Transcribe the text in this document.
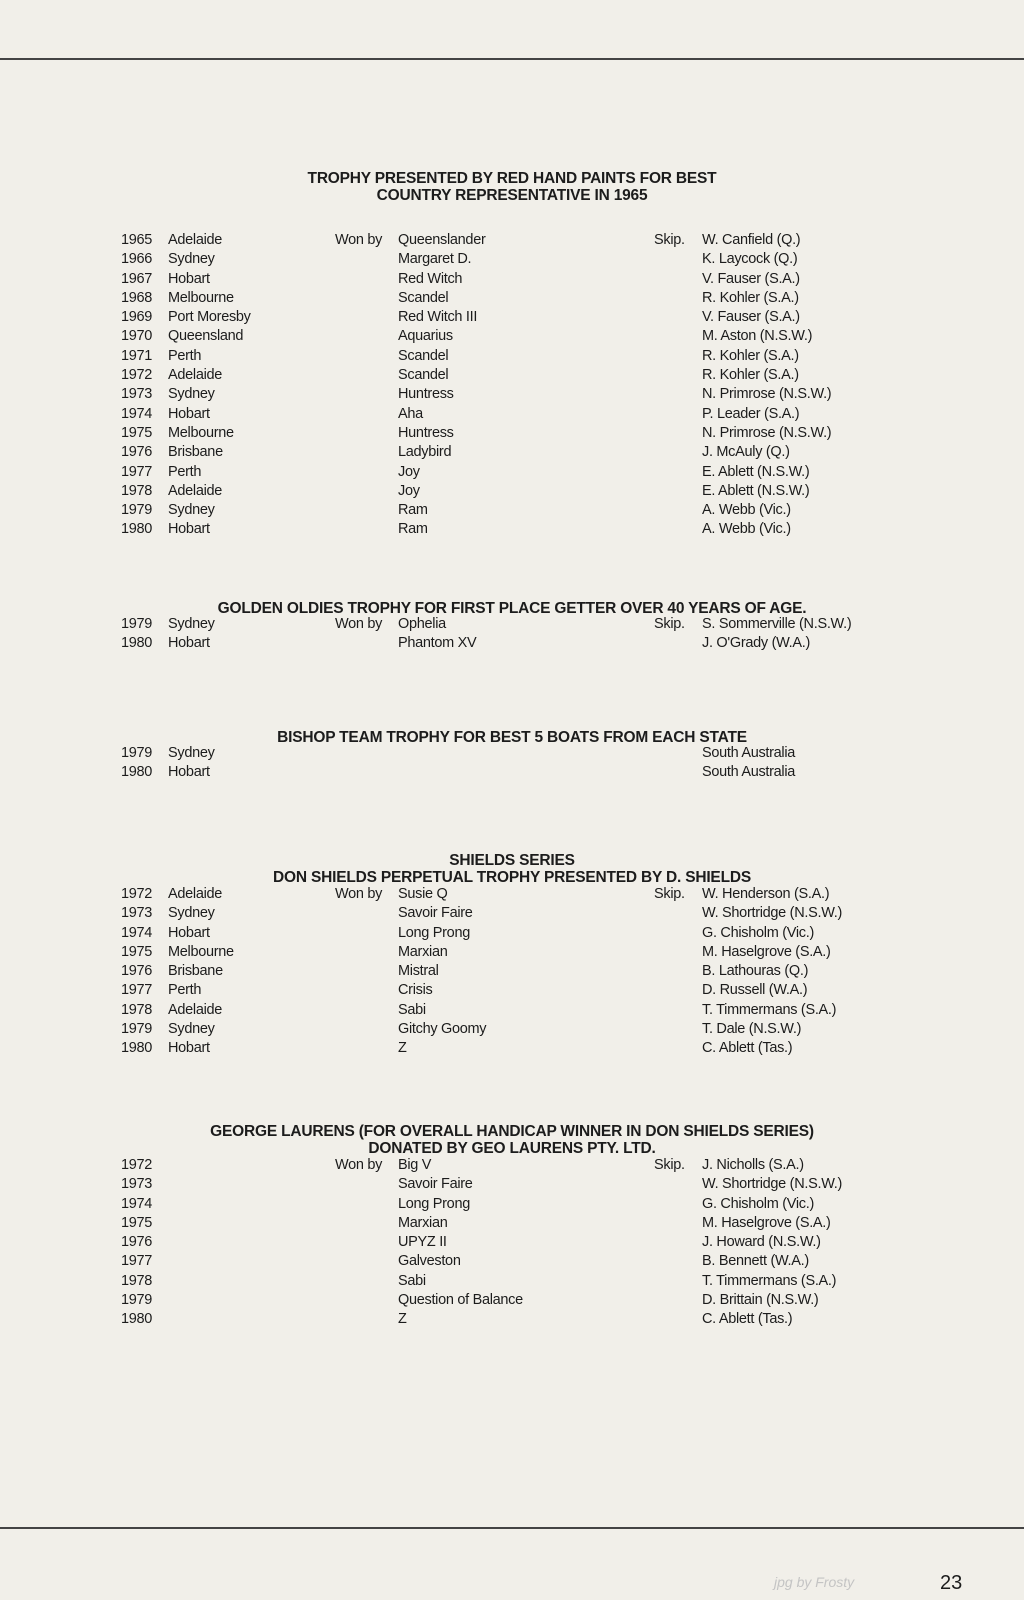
TROPHY PRESENTED BY RED HAND PAINTS FOR BEST
COUNTRY REPRESENTATIVE IN 1965
1965 Adelaide	Won by Queenslander	Skip. W. Canfield (Q.)
1966 Sydney	Margaret D.	K. Laycock (Q.)
1967 Hobart	Red Witch	V. Fauser (S.A.)
1968 Melbourne	Scandel	R. Kohler (S.A.)
1969 Port Moresby	Red Witch III	V. Fauser (S.A.)
1970 Queensland	Aquarius	M. Aston (N.S.W.)
1971 Perth	Scandel	R. Kohler (S.A.)
1972 Adelaide	Scandel	R. Kohler (S.A.)
1973 Sydney	Huntress	N. Primrose (N.S.W.)
1974 Hobart	Aha	P. Leader (S.A.)
1975 Melbourne	Huntress	N. Primrose (N.S.W.)
1976 Brisbane	Ladybird	J. McAuly (Q.)
1977 Perth	Joy	E. Ablett (N.S.W.)
1978 Adelaide	Joy	E. Ablett (N.S.W.)
1979 Sydney	Ram	A. Webb (Vic.)
1980 Hobart	Ram	A. Webb (Vic.)
GOLDEN OLDIES TROPHY FOR FIRST PLACE GETTER OVER 40 YEARS OF AGE.
1979 Sydney	Won by Ophelia	Skip. S. Sommerville (N.S.W.)
1980 Hobart	Phantom XV	J. O'Grady (W.A.)
BISHOP TEAM TROPHY FOR BEST 5 BOATS FROM EACH STATE
1979 Sydney	South Australia
1980 Hobart	South Australia
SHIELDS SERIES
DON SHIELDS PERPETUAL TROPHY PRESENTED BY D. SHIELDS
1972 Adelaide	Won by Susie Q	Skip. W. Henderson (S.A.)
1973 Sydney	Savoir Faire	W. Shortridge (N.S.W.)
1974 Hobart	Long Prong	G. Chisholm (Vic.)
1975 Melbourne	Marxian	M. Haselgrove (S.A.)
1976 Brisbane	Mistral	B. Lathouras (Q.)
1977 Perth	Crisis	D. Russell (W.A.)
1978 Adelaide	Sabi	T. Timmermans (S.A.)
1979 Sydney	Gitchy Goomy	T. Dale (N.S.W.)
1980 Hobart	Z	C. Ablett (Tas.)
GEORGE LAURENS (FOR OVERALL HANDICAP WINNER IN DON SHIELDS SERIES)
DONATED BY GEO LAURENS PTY. LTD.
1972	Won by Big V	Skip. J. Nicholls (S.A.)
1973	Savoir Faire	W. Shortridge (N.S.W.)
1974	Long Prong	G. Chisholm (Vic.)
1975	Marxian	M. Haselgrove (S.A.)
1976	UPYZ II	J. Howard (N.S.W.)
1977	Galveston	B. Bennett (W.A.)
1978	Sabi	T. Timmermans (S.A.)
1979	Question of Balance	D. Brittain (N.S.W.)
1980	Z	C. Ablett (Tas.)
jpg by Frosty	23
